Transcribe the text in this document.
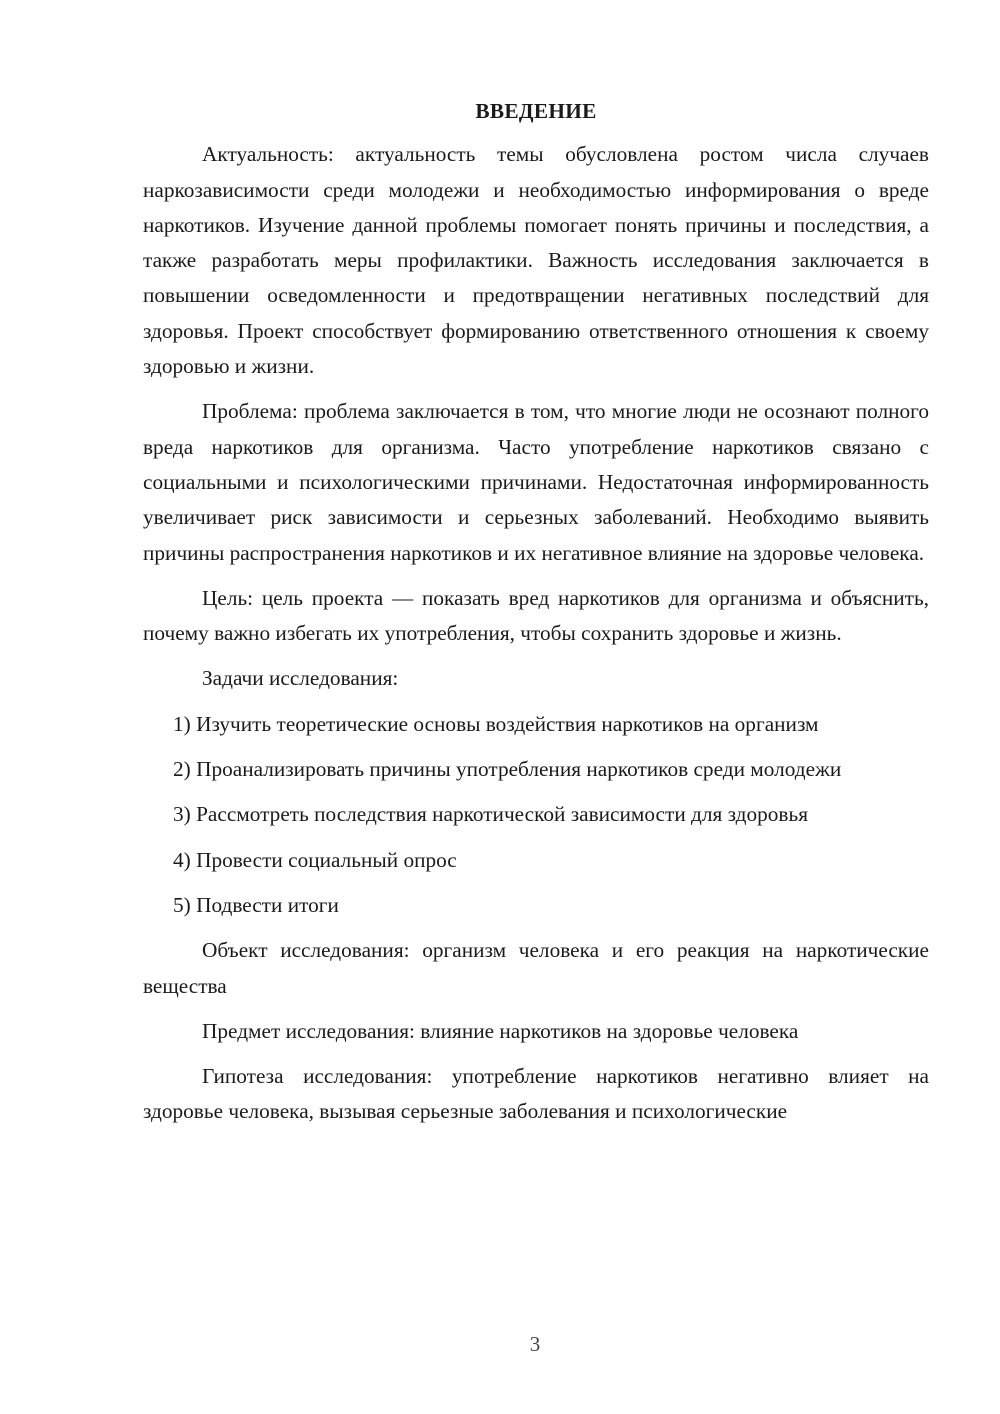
ВВЕДЕНИЕ

Актуальность: актуальность темы обусловлена ростом числа случаев наркозависимости среди молодежи и необходимостью информирования о вреде наркотиков. Изучение данной проблемы помогает понять причины и последствия, а также разработать меры профилактики. Важность исследования заключается в повышении осведомленности и предотвращении негативных последствий для здоровья. Проект способствует формированию ответственного отношения к своему здоровью и жизни.

Проблема: проблема заключается в том, что многие люди не осознают полного вреда наркотиков для организма. Часто употребление наркотиков связано с социальными и психологическими причинами. Недостаточная информированность увеличивает риск зависимости и серьезных заболеваний. Необходимо выявить причины распространения наркотиков и их негативное влияние на здоровье человека.

Цель: цель проекта — показать вред наркотиков для организма и объяснить, почему важно избегать их употребления, чтобы сохранить здоровье и жизнь.

Задачи исследования:

1) Изучить теоретические основы воздействия наркотиков на организм

2) Проанализировать причины употребления наркотиков среди молодежи

3) Рассмотреть последствия наркотической зависимости для здоровья

4) Провести социальный опрос

5) Подвести итоги

Объект исследования: организм человека и его реакция на наркотические вещества

Предмет исследования: влияние наркотиков на здоровье человека

Гипотеза исследования: употребление наркотиков негативно влияет на здоровье человека, вызывая серьезные заболевания и психологические

3
